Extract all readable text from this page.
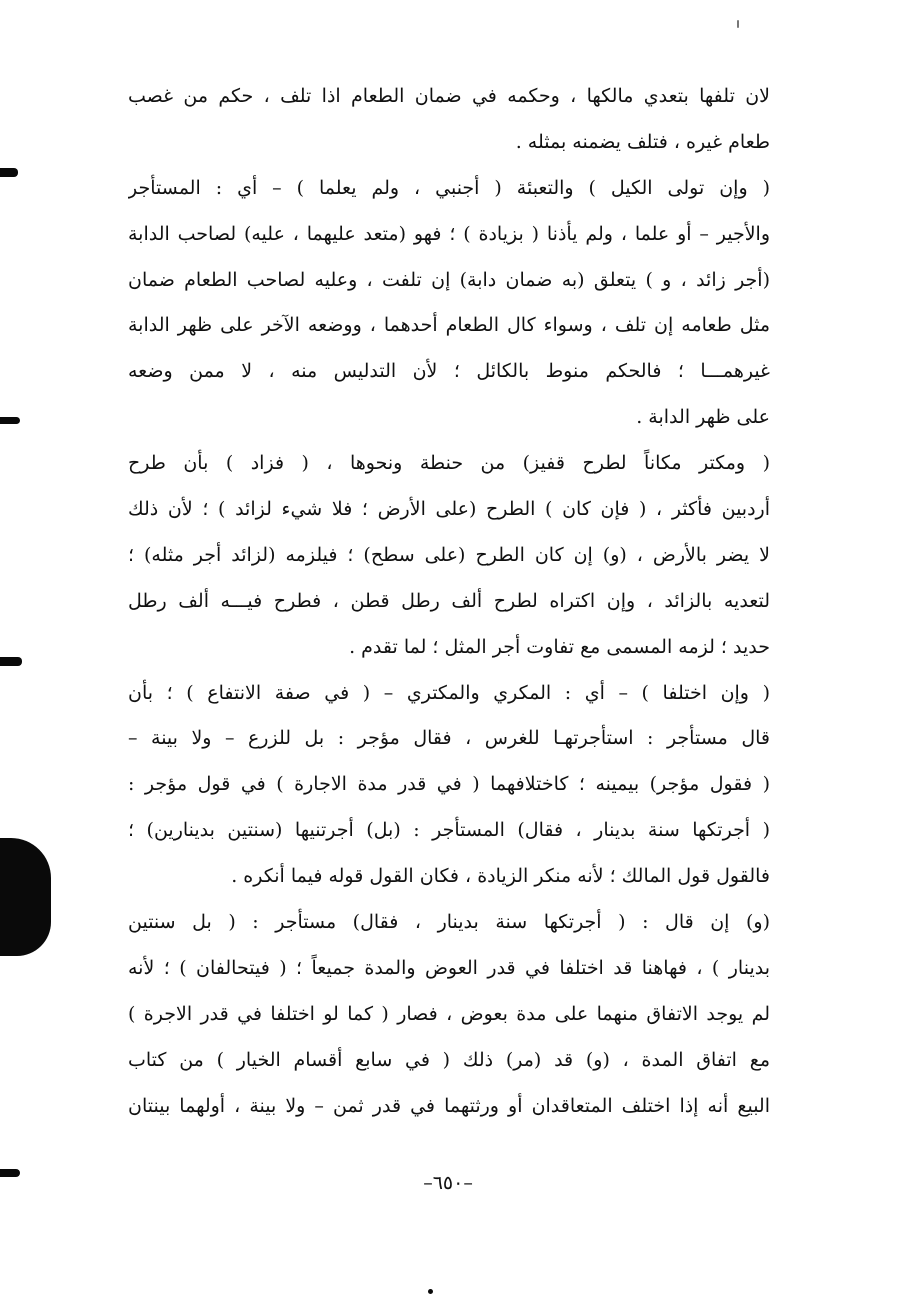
لان تلفها بتعدي مالكها ، وحكمه في ضمان الطعام اذا تلف ، حكم من غصب
طعام غيره ، فتلف يضمنه بمثله .
( وإن تولى الكيل ) والتعبئة ( أجنبي ، ولم يعلما ) – أي : المستأجر
والأجير – أو علما ، ولم يأذنا ( بزيادة ) ؛ فهو (متعد عليهما ، عليه) لصاحب الدابة
(أجر زائد ، و ) يتعلق (به ضمان دابة) إن تلفت ، وعليه لصاحب الطعام ضمان
مثل طعامه إن تلف ، وسواء كال الطعام أحدهما ، ووضعه الآخر على ظهر الدابة
غيرهمـــا ؛ فالحكم منوط بالكائل ؛ لأن التدليس منه ، لا ممن وضعه
على ظهر الدابة .
( ومكتر مكاناً لطرح قفيز) من حنطة ونحوها ، ( فزاد ) بأن طرح
أردبين فأكثر ، ( فإن كان ) الطرح (على الأرض ؛ فلا شيء لزائد ) ؛ لأن ذلك
لا يضر بالأرض ، (و) إن كان الطرح (على سطح) ؛ فيلزمه (لزائد أجر مثله) ؛
لتعديه بالزائد ، وإن اكتراه لطرح ألف رطل قطن ، فطرح فيـــه ألف رطل
حديد ؛ لزمه المسمى مع تفاوت أجر المثل ؛ لما تقدم .
( وإن اختلفا ) – أي : المكري والمكتري – ( في صفة الانتفاع ) ؛ بأن
قال مستأجر : استأجرتهـا للغرس ، فقال مؤجر : بل للزرع – ولا بينة –
( فقول مؤجر) بيمينه ؛ كاختلافهما ( في قدر مدة الاجارة ) في قول مؤجر :
( أجرتكها سنة بدينار ، فقال) المستأجر : (بل) أجرتنيها (سنتين بدينارين) ؛
فالقول قول المالك ؛ لأنه منكر الزيادة ، فكان القول قوله فيما أنكره .
(و) إن قال : ( أجرتكها سنة بدينار ، فقال) مستأجر : ( بل سنتين
بدينار ) ، فهاهنا قد اختلفا في قدر العوض والمدة جميعاً ؛ ( فيتحالفان ) ؛ لأنه
لم يوجد الاتفاق منهما على مدة بعوض ، فصار ( كما لو اختلفا في قدر الاجرة )
مع اتفاق المدة ، (و) قد (مر) ذلك ( في سابع أقسام الخيار ) من كتاب
البيع أنه إذا اختلف المتعاقدان أو ورثتهما في قدر ثمن – ولا بينة ، أولهما بينتان
–٦٥٠–
